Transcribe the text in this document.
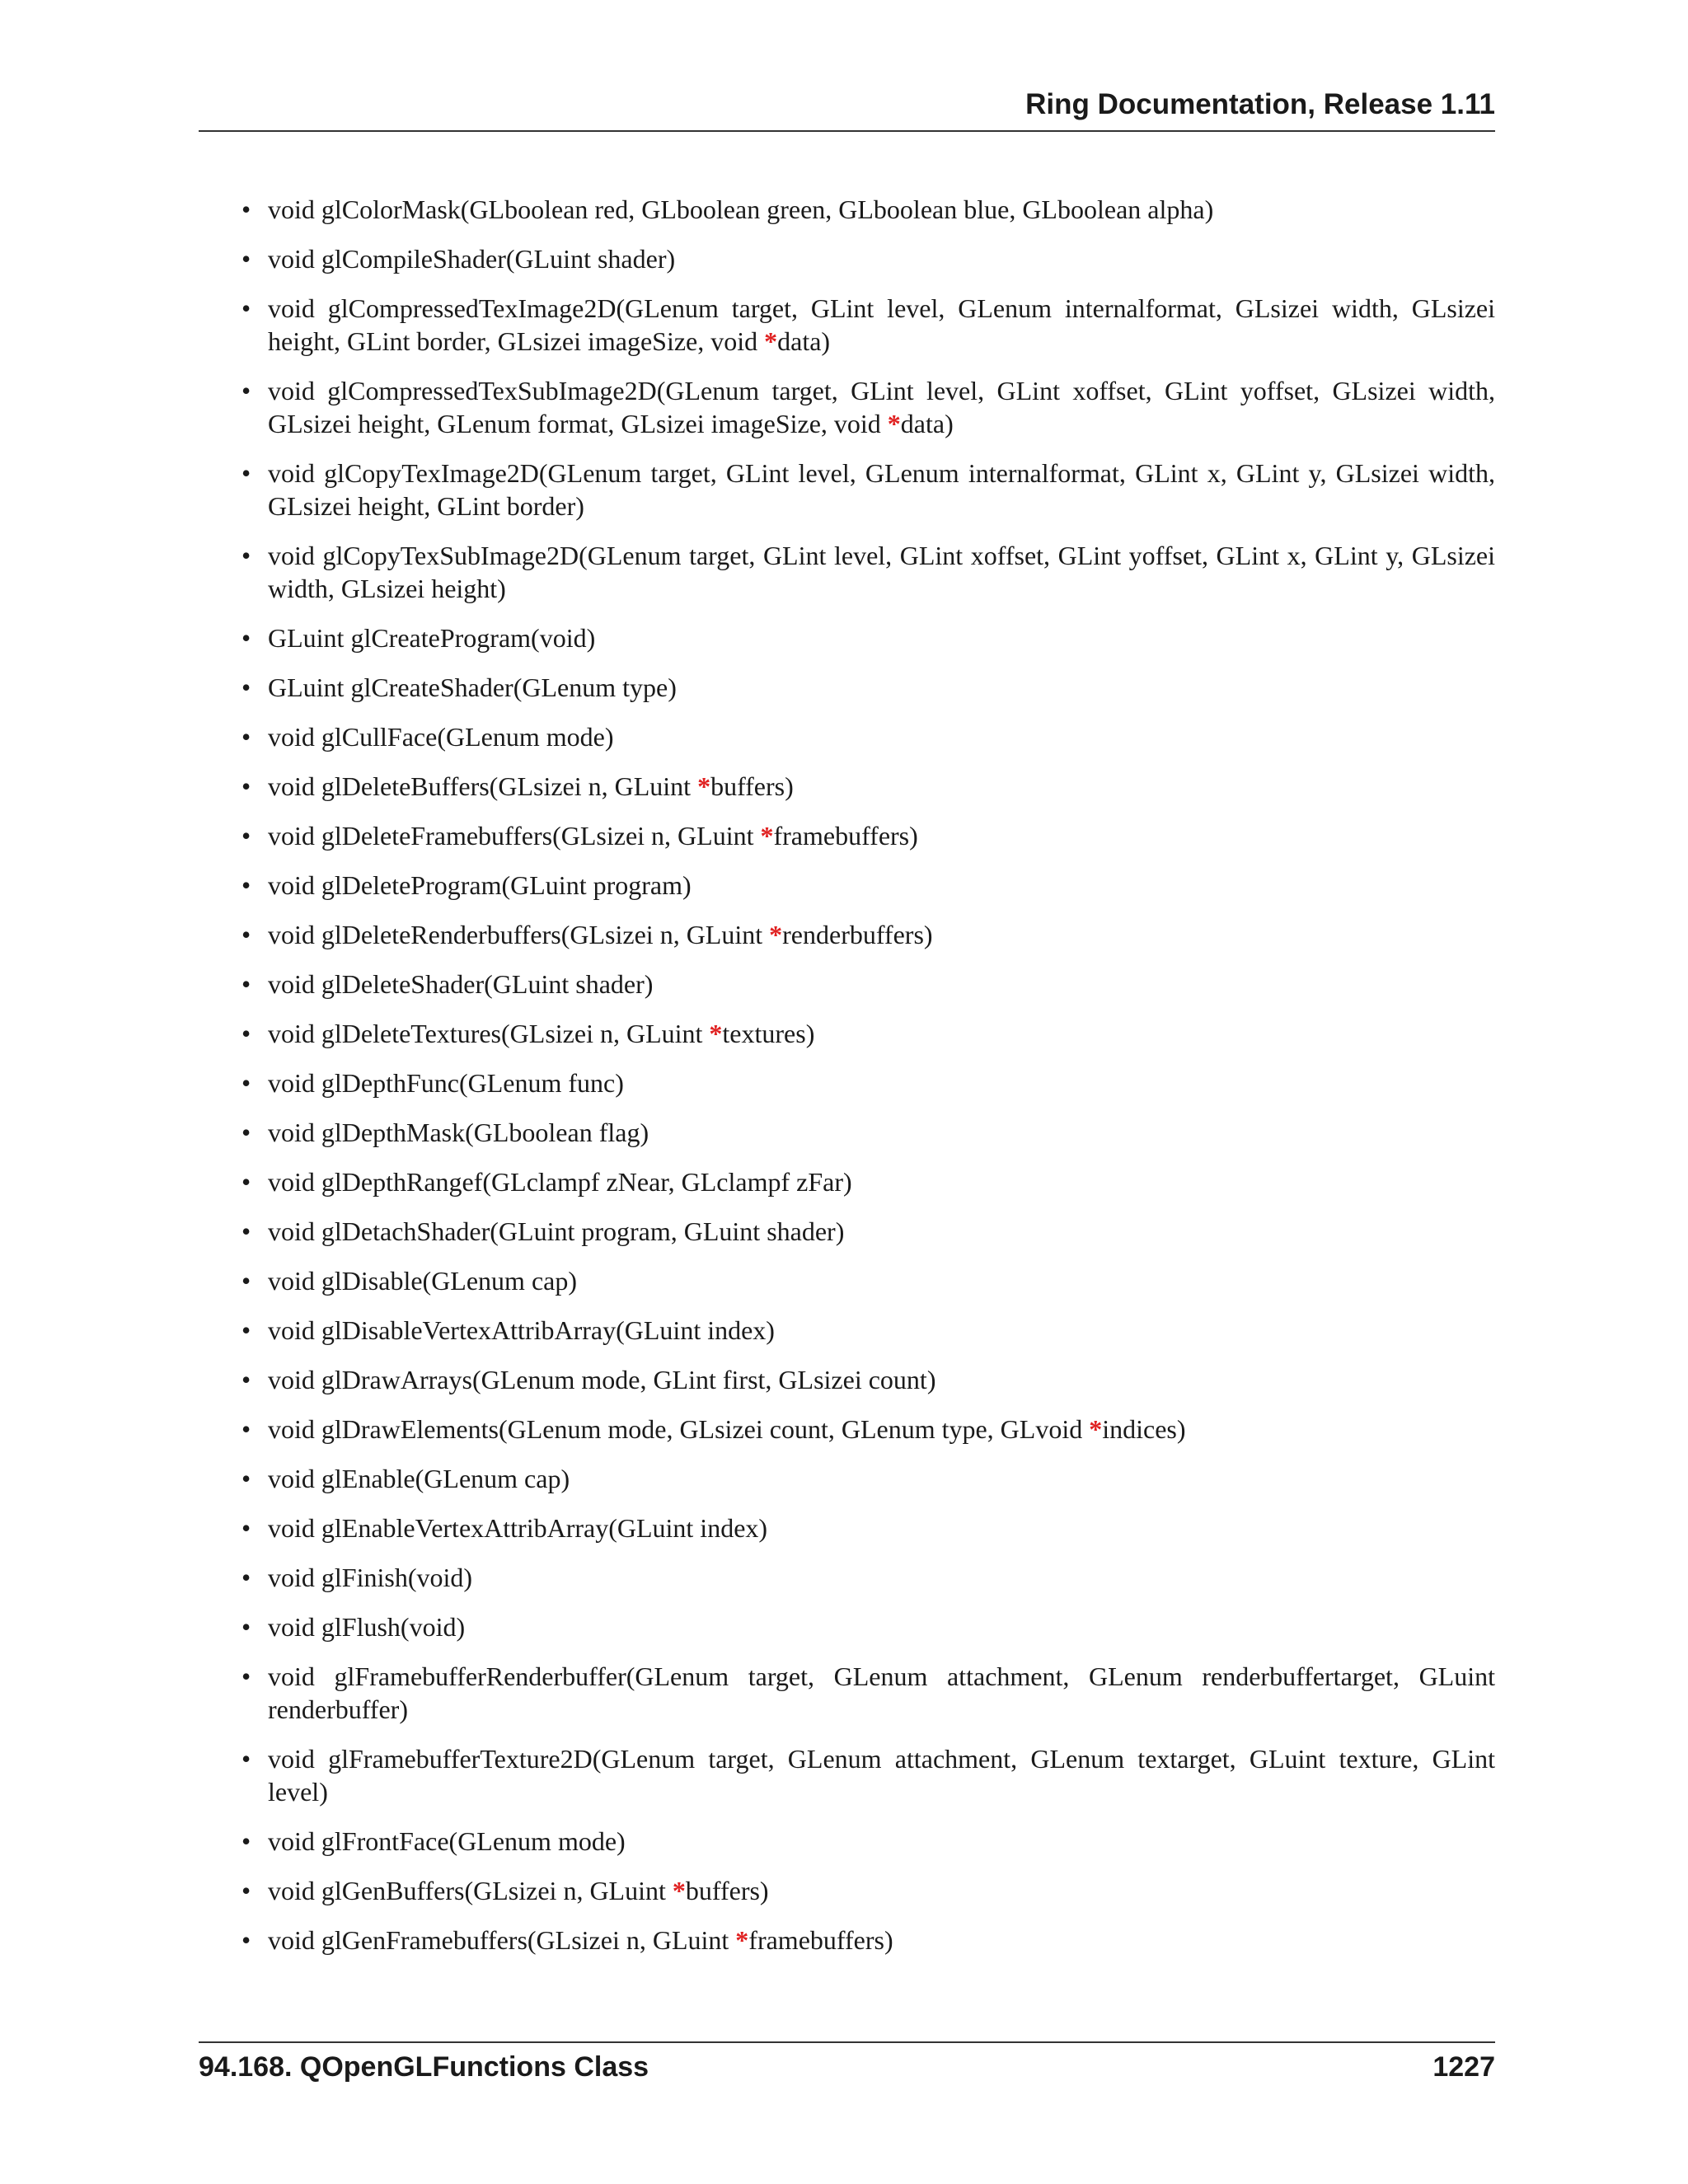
Ring Documentation, Release 1.11
• void glColorMask(GLboolean red, GLboolean green, GLboolean blue, GLboolean alpha)
• void glCompileShader(GLuint shader)
• void glCompressedTexImage2D(GLenum target, GLint level, GLenum internalformat, GLsizei width, GLsizei height, GLint border, GLsizei imageSize, void *data)
• void glCompressedTexSubImage2D(GLenum target, GLint level, GLint xoffset, GLint yoffset, GLsizei width, GLsizei height, GLenum format, GLsizei imageSize, void *data)
• void glCopyTexImage2D(GLenum target, GLint level, GLenum internalformat, GLint x, GLint y, GLsizei width, GLsizei height, GLint border)
• void glCopyTexSubImage2D(GLenum target, GLint level, GLint xoffset, GLint yoffset, GLint x, GLint y, GLsizei width, GLsizei height)
• GLuint glCreateProgram(void)
• GLuint glCreateShader(GLenum type)
• void glCullFace(GLenum mode)
• void glDeleteBuffers(GLsizei n, GLuint *buffers)
• void glDeleteFramebuffers(GLsizei n, GLuint *framebuffers)
• void glDeleteProgram(GLuint program)
• void glDeleteRenderbuffers(GLsizei n, GLuint *renderbuffers)
• void glDeleteShader(GLuint shader)
• void glDeleteTextures(GLsizei n, GLuint *textures)
• void glDepthFunc(GLenum func)
• void glDepthMask(GLboolean flag)
• void glDepthRangef(GLclampf zNear, GLclampf zFar)
• void glDetachShader(GLuint program, GLuint shader)
• void glDisable(GLenum cap)
• void glDisableVertexAttribArray(GLuint index)
• void glDrawArrays(GLenum mode, GLint first, GLsizei count)
• void glDrawElements(GLenum mode, GLsizei count, GLenum type, GLvoid *indices)
• void glEnable(GLenum cap)
• void glEnableVertexAttribArray(GLuint index)
• void glFinish(void)
• void glFlush(void)
• void glFramebufferRenderbuffer(GLenum target, GLenum attachment, GLenum renderbuffertarget, GLuint renderbuffer)
• void glFramebufferTexture2D(GLenum target, GLenum attachment, GLenum textarget, GLuint texture, GLint level)
• void glFrontFace(GLenum mode)
• void glGenBuffers(GLsizei n, GLuint *buffers)
• void glGenFramebuffers(GLsizei n, GLuint *framebuffers)
94.168. QOpenGLFunctions Class	1227
